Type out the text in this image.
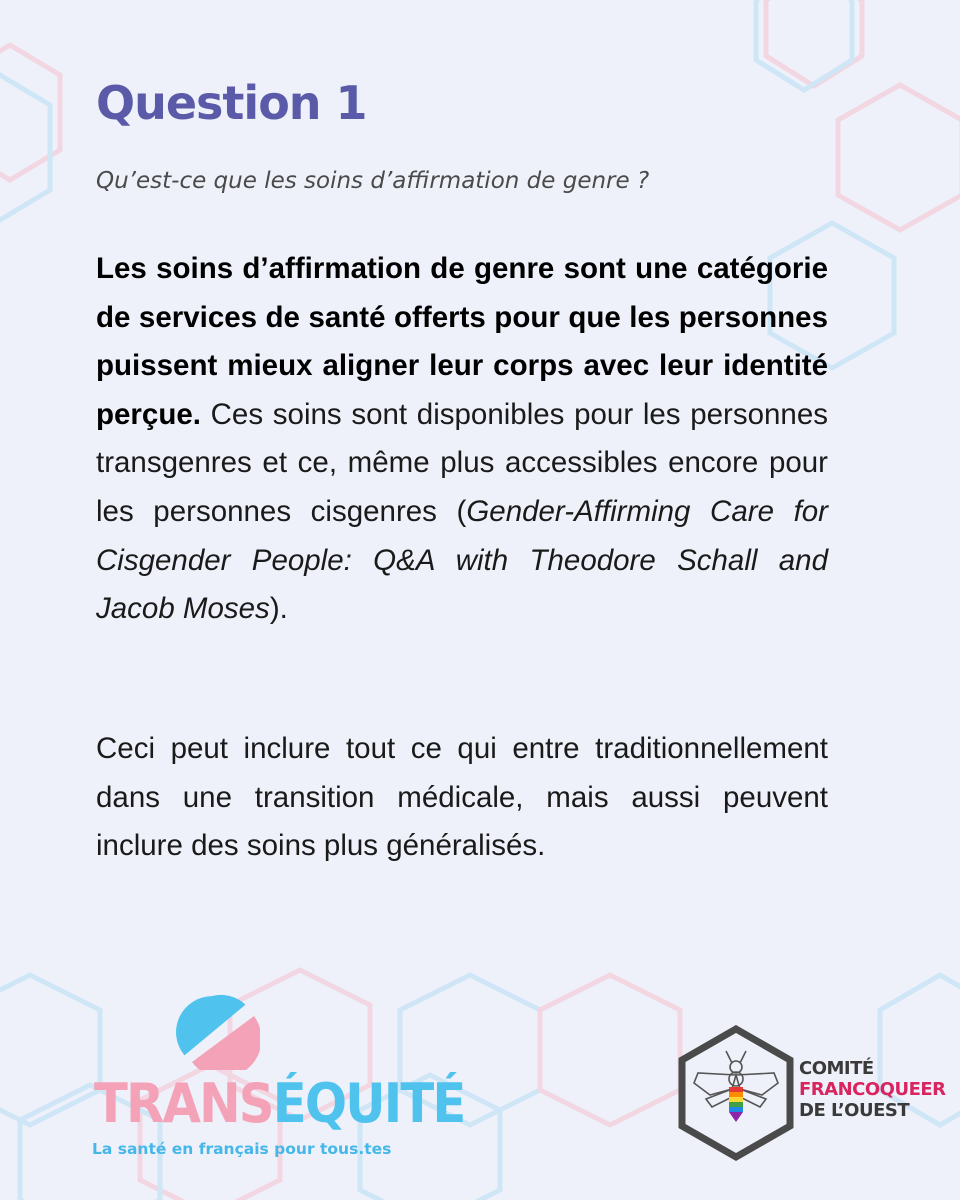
Question 1

Qu’est-ce que les soins d’affirmation de genre ?

Les soins d’affirmation de genre sont une catégorie de services de santé offerts pour que les personnes puissent mieux aligner leur corps avec leur identité perçue. Ces soins sont disponibles pour les personnes transgenres et ce, même plus accessibles encore pour les personnes cisgenres (Gender-Affirming Care for Cisgender People: Q&A with Theodore Schall and Jacob Moses).

Ceci peut inclure tout ce qui entre traditionnellement dans une transition médicale, mais aussi peuvent inclure des soins plus généralisés.

TRANSÉQUITÉ
La santé en français pour tous.tes
COMITÉ
FRANCOQUEER
DE L’OUEST
